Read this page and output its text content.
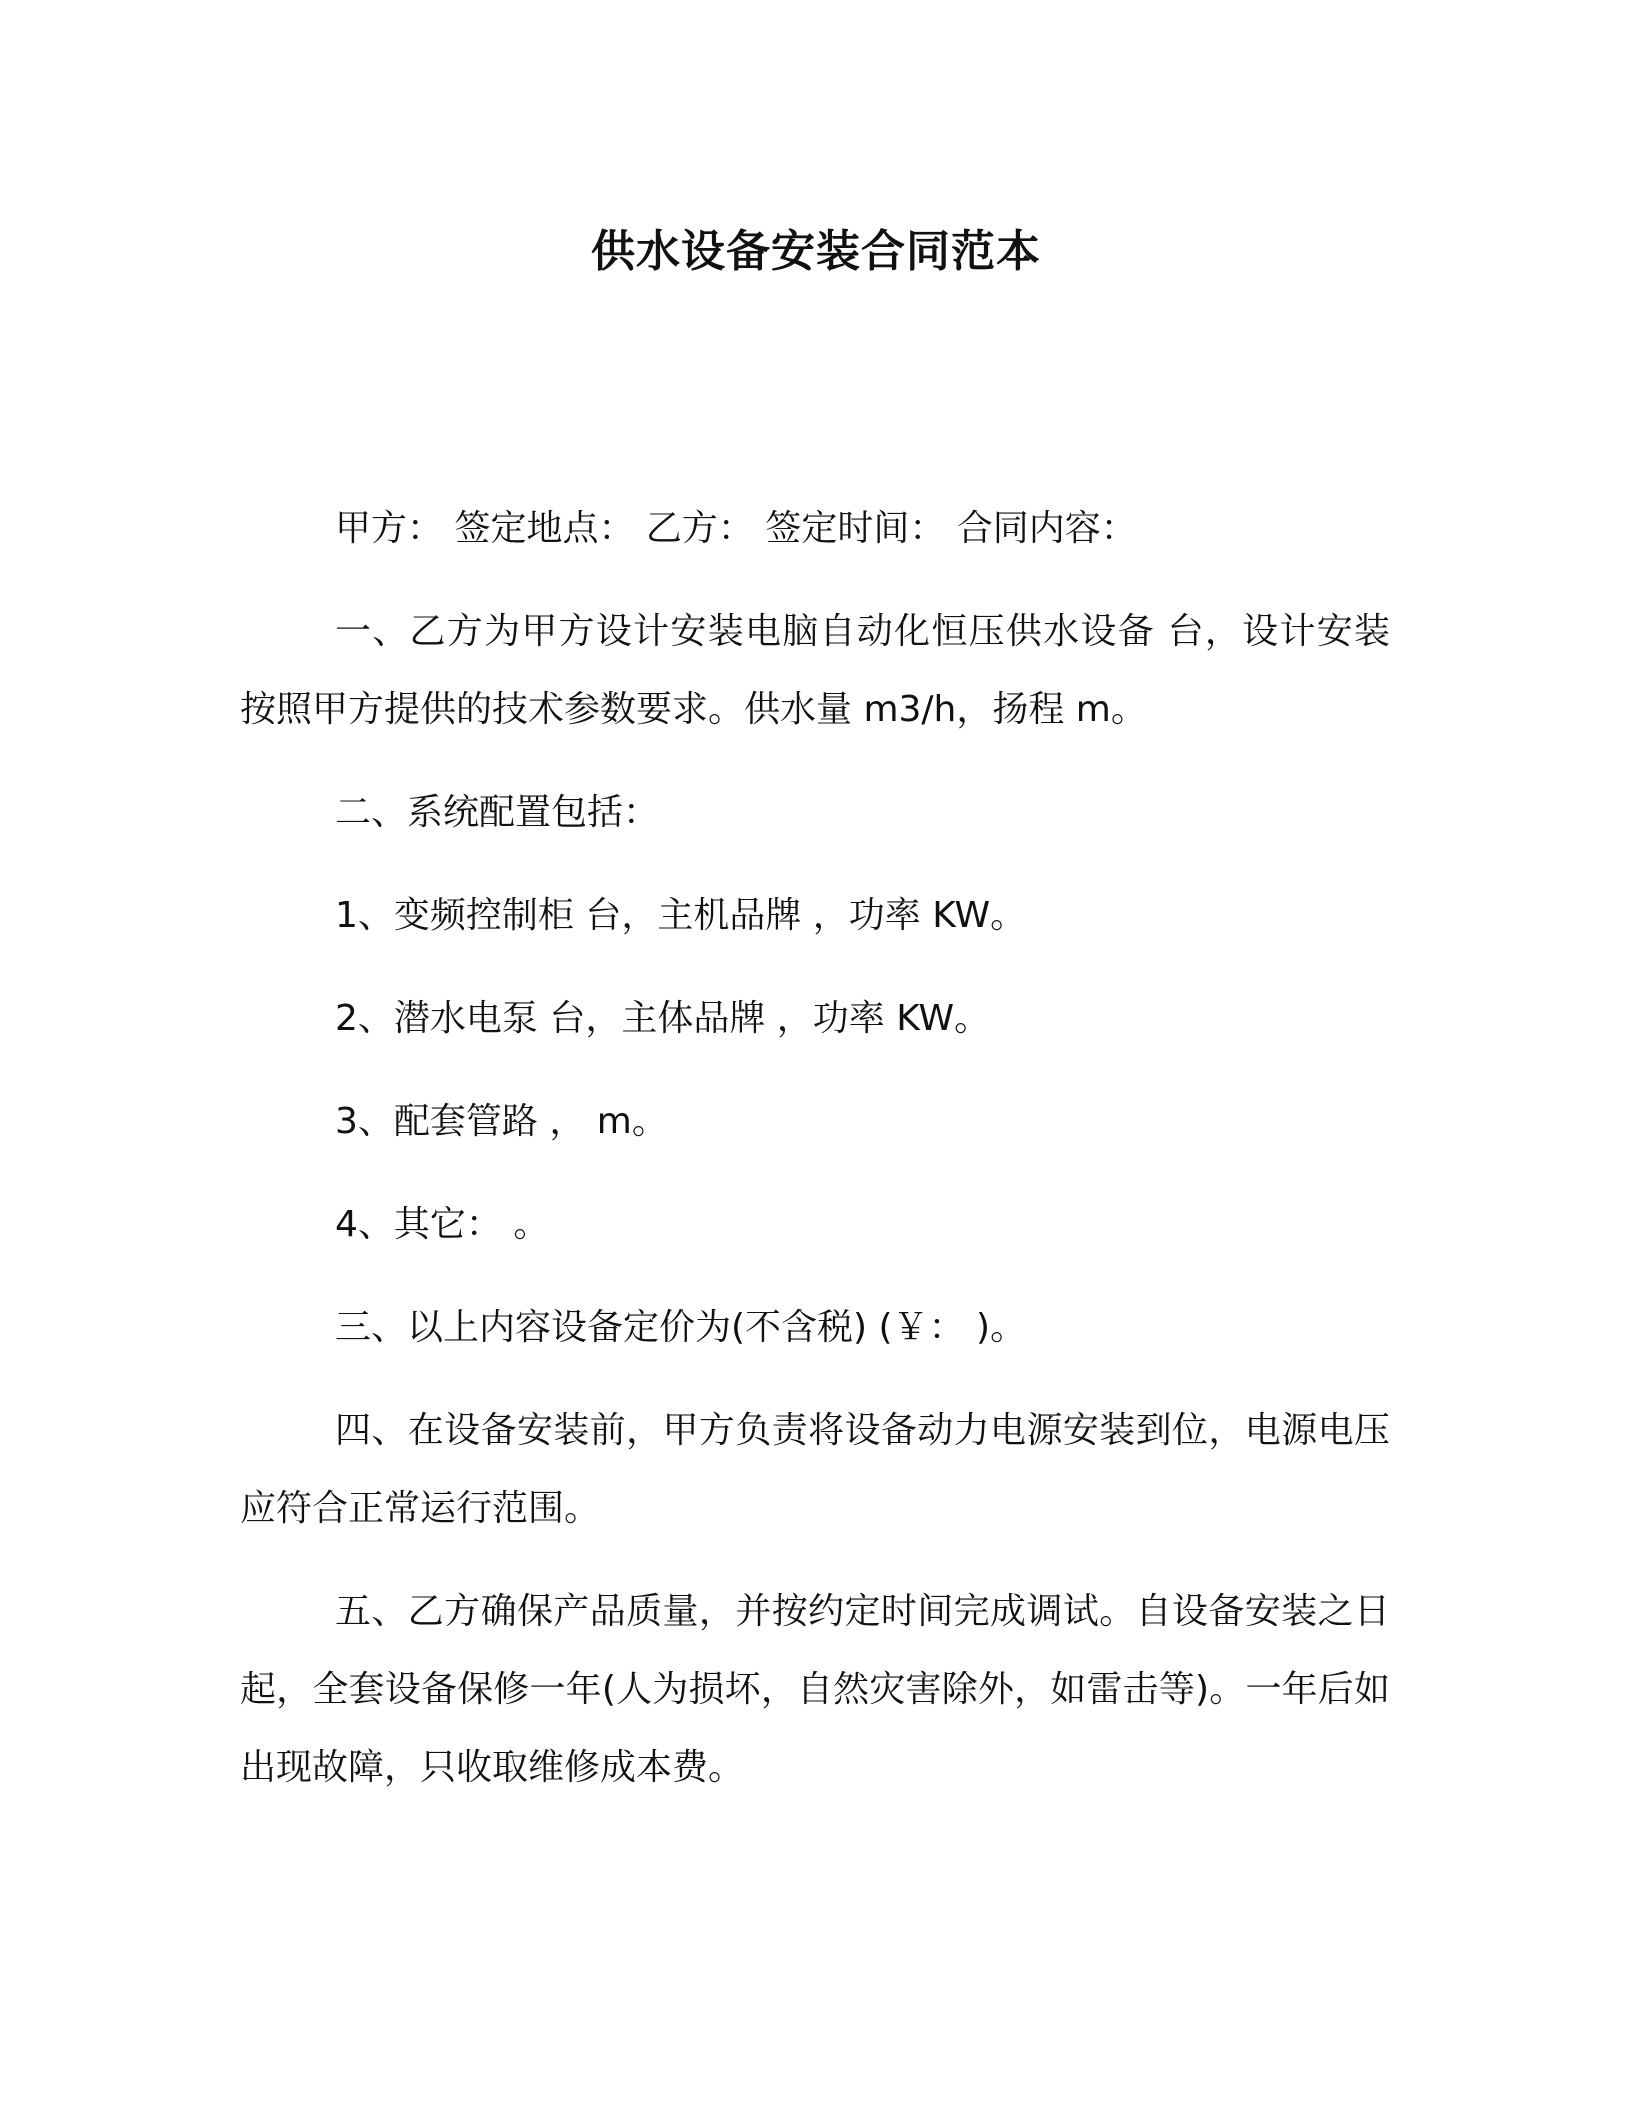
供水设备安装合同范本

甲方： 签定地点： 乙方： 签定时间： 合同内容：

一、乙方为甲方设计安装电脑自动化恒压供水设备 台，设计安装按照甲方提供的技术参数要求。供水量 m3/h，扬程 m。

二、系统配置包括：

1、变频控制柜 台，主机品牌 ，功率 KW。

2、潜水电泵 台，主体品牌 ，功率 KW。

3、配套管路 ， m。

4、其它： 。

三、以上内容设备定价为(不含税) (￥： )。

四、在设备安装前，甲方负责将设备动力电源安装到位，电源电压应符合正常运行范围。

五、乙方确保产品质量，并按约定时间完成调试。自设备安装之日起，全套设备保修一年(人为损坏，自然灾害除外，如雷击等)。一年后如出现故障，只收取维修成本费。
